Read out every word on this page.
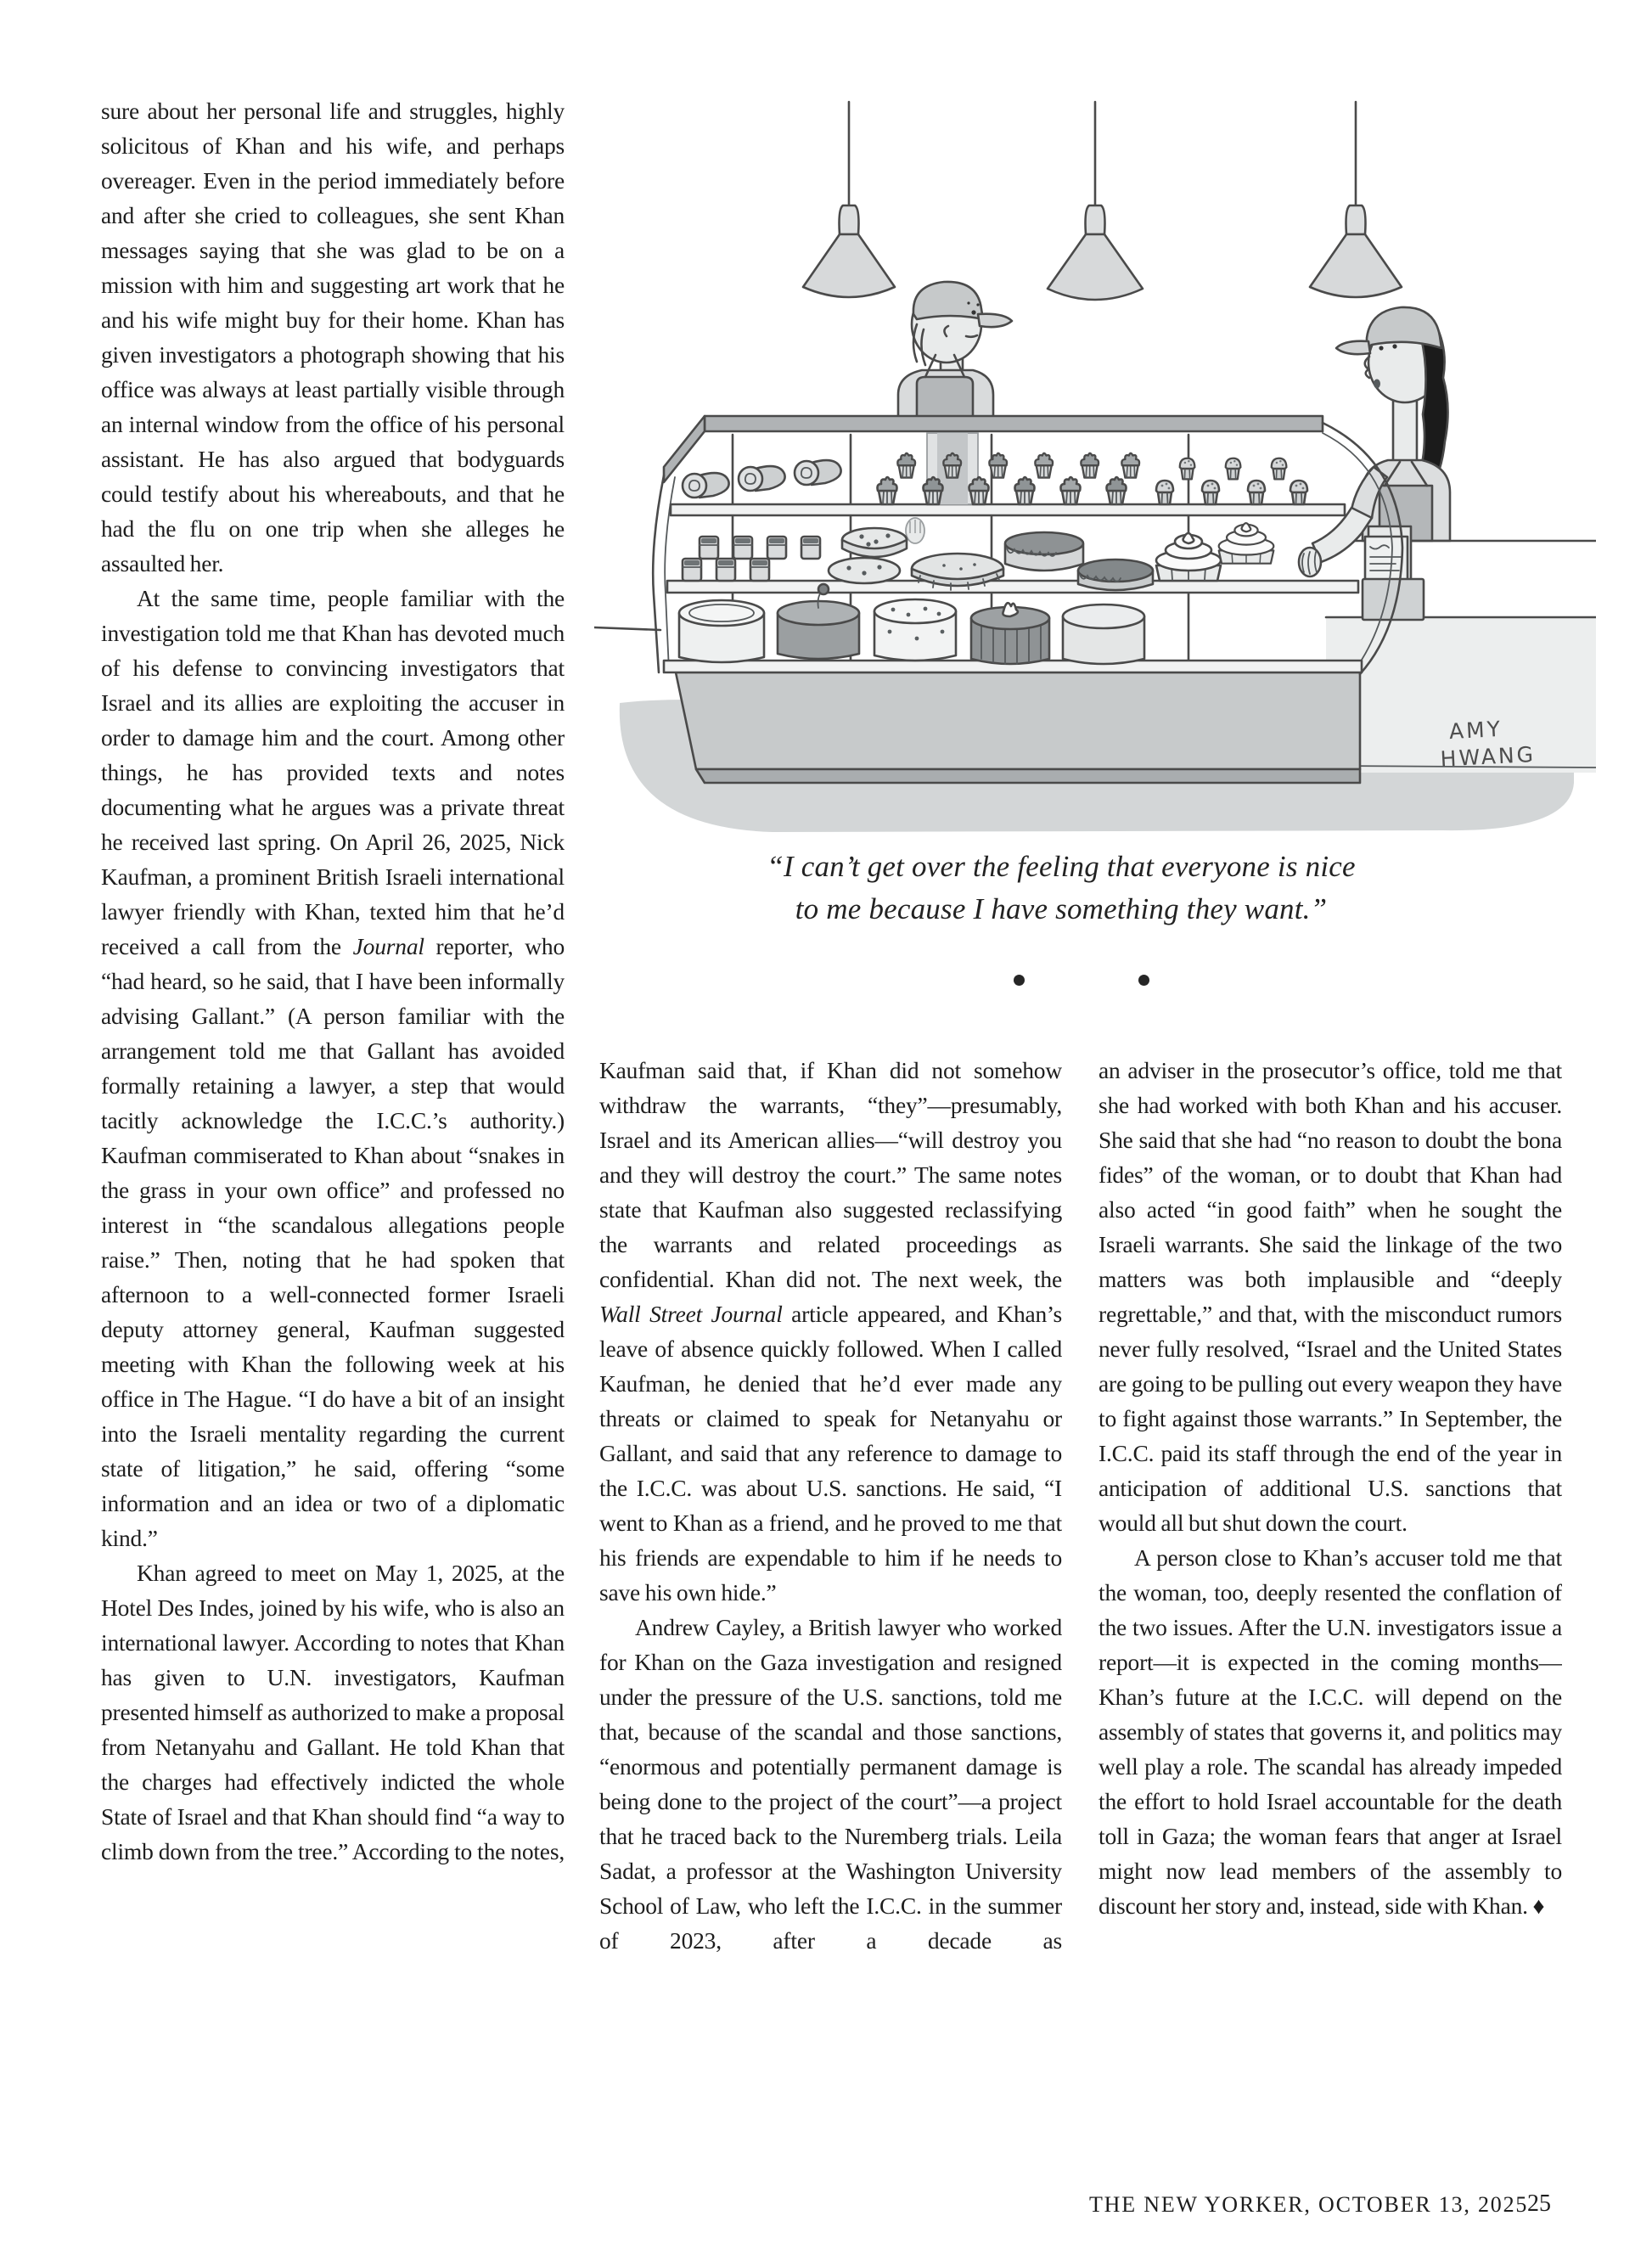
AMY
HWANG
“I can’t get over the feeling that everyone is nice
to me because I have something they want.”

sure about her personal life and struggles, highly solicitous of Khan and his wife, and perhaps overeager. Even in the period immediately before and after she cried to colleagues, she sent Khan messages saying that she was glad to be on a mission with him and suggesting art work that he and his wife might buy for their home. Khan has given investigators a photograph showing that his office was always at least partially visible through an internal window from the office of his personal assistant. He has also argued that bodyguards could testify about his whereabouts, and that he had the flu on one trip when she alleges he assaulted her.

At the same time, people familiar with the investigation told me that Khan has devoted much of his defense to convincing investigators that Israel and its allies are exploiting the accuser in order to damage him and the court. Among other things, he has provided texts and notes documenting what he argues was a private threat he received last spring. On April 26, 2025, Nick Kaufman, a prominent British Israeli international lawyer friendly with Khan, texted him that he’d received a call from the Journal reporter, who “had heard, so he said, that I have been informally advising Gallant.” (A person familiar with the arrangement told me that Gallant has avoided formally retaining a lawyer, a step that would tacitly acknowledge the I.C.C.’s authority.) Kaufman commiserated to Khan about “snakes in the grass in your own office” and professed no interest in “the scandalous allegations people raise.” Then, noting that he had spoken that afternoon to a well-connected former Israeli deputy attorney general, Kaufman suggested meeting with Khan the following week at his office in The Hague. “I do have a bit of an insight into the Israeli mentality regarding the current state of litigation,” he said, offering “some information and an idea or two of a diplomatic kind.”

Khan agreed to meet on May 1, 2025, at the Hotel Des Indes, joined by his wife, who is also an international lawyer. According to notes that Khan has given to U.N. investigators, Kaufman presented himself as authorized to make a proposal from Netanyahu and Gallant. He told Khan that the charges had effectively indicted the whole State of Israel and that Khan should find “a way to climb down from the tree.” According to the notes,

Kaufman said that, if Khan did not somehow withdraw the warrants, “they”—presumably, Israel and its American allies—“will destroy you and they will destroy the court.” The same notes state that Kaufman also suggested reclassifying the warrants and related proceedings as confidential. Khan did not. The next week, the Wall Street Journal article appeared, and Khan’s leave of absence quickly followed. When I called Kaufman, he denied that he’d ever made any threats or claimed to speak for Netanyahu or Gallant, and said that any reference to damage to the I.C.C. was about U.S. sanctions. He said, “I went to Khan as a friend, and he proved to me that his friends are expendable to him if he needs to save his own hide.”

Andrew Cayley, a British lawyer who worked for Khan on the Gaza investigation and resigned under the pressure of the U.S. sanctions, told me that, because of the scandal and those sanctions, “enormous and potentially permanent damage is being done to the project of the court”—a project that he traced back to the Nuremberg trials. Leila Sadat, a professor at the Washington University School of Law, who left the I.C.C. in the summer of 2023, after a decade as

an adviser in the prosecutor’s office, told me that she had worked with both Khan and his accuser. She said that she had “no reason to doubt the bona fides” of the woman, or to doubt that Khan had also acted “in good faith” when he sought the Israeli warrants. She said the linkage of the two matters was both implausible and “deeply regrettable,” and that, with the misconduct rumors never fully resolved, “Israel and the United States are going to be pulling out every weapon they have to fight against those warrants.” In September, the I.C.C. paid its staff through the end of the year in anticipation of additional U.S. sanctions that would all but shut down the court.

A person close to Khan’s accuser told me that the woman, too, deeply resented the conflation of the two issues. After the U.N. investigators issue a report—it is expected in the coming months—Khan’s future at the I.C.C. will depend on the assembly of states that governs it, and politics may well play a role. The scandal has already impeded the effort to hold Israel accountable for the death toll in Gaza; the woman fears that anger at Israel might now lead members of the assembly to discount her story and, instead, side with Khan. ♦

THE NEW YORKER, OCTOBER 13, 2025
25
